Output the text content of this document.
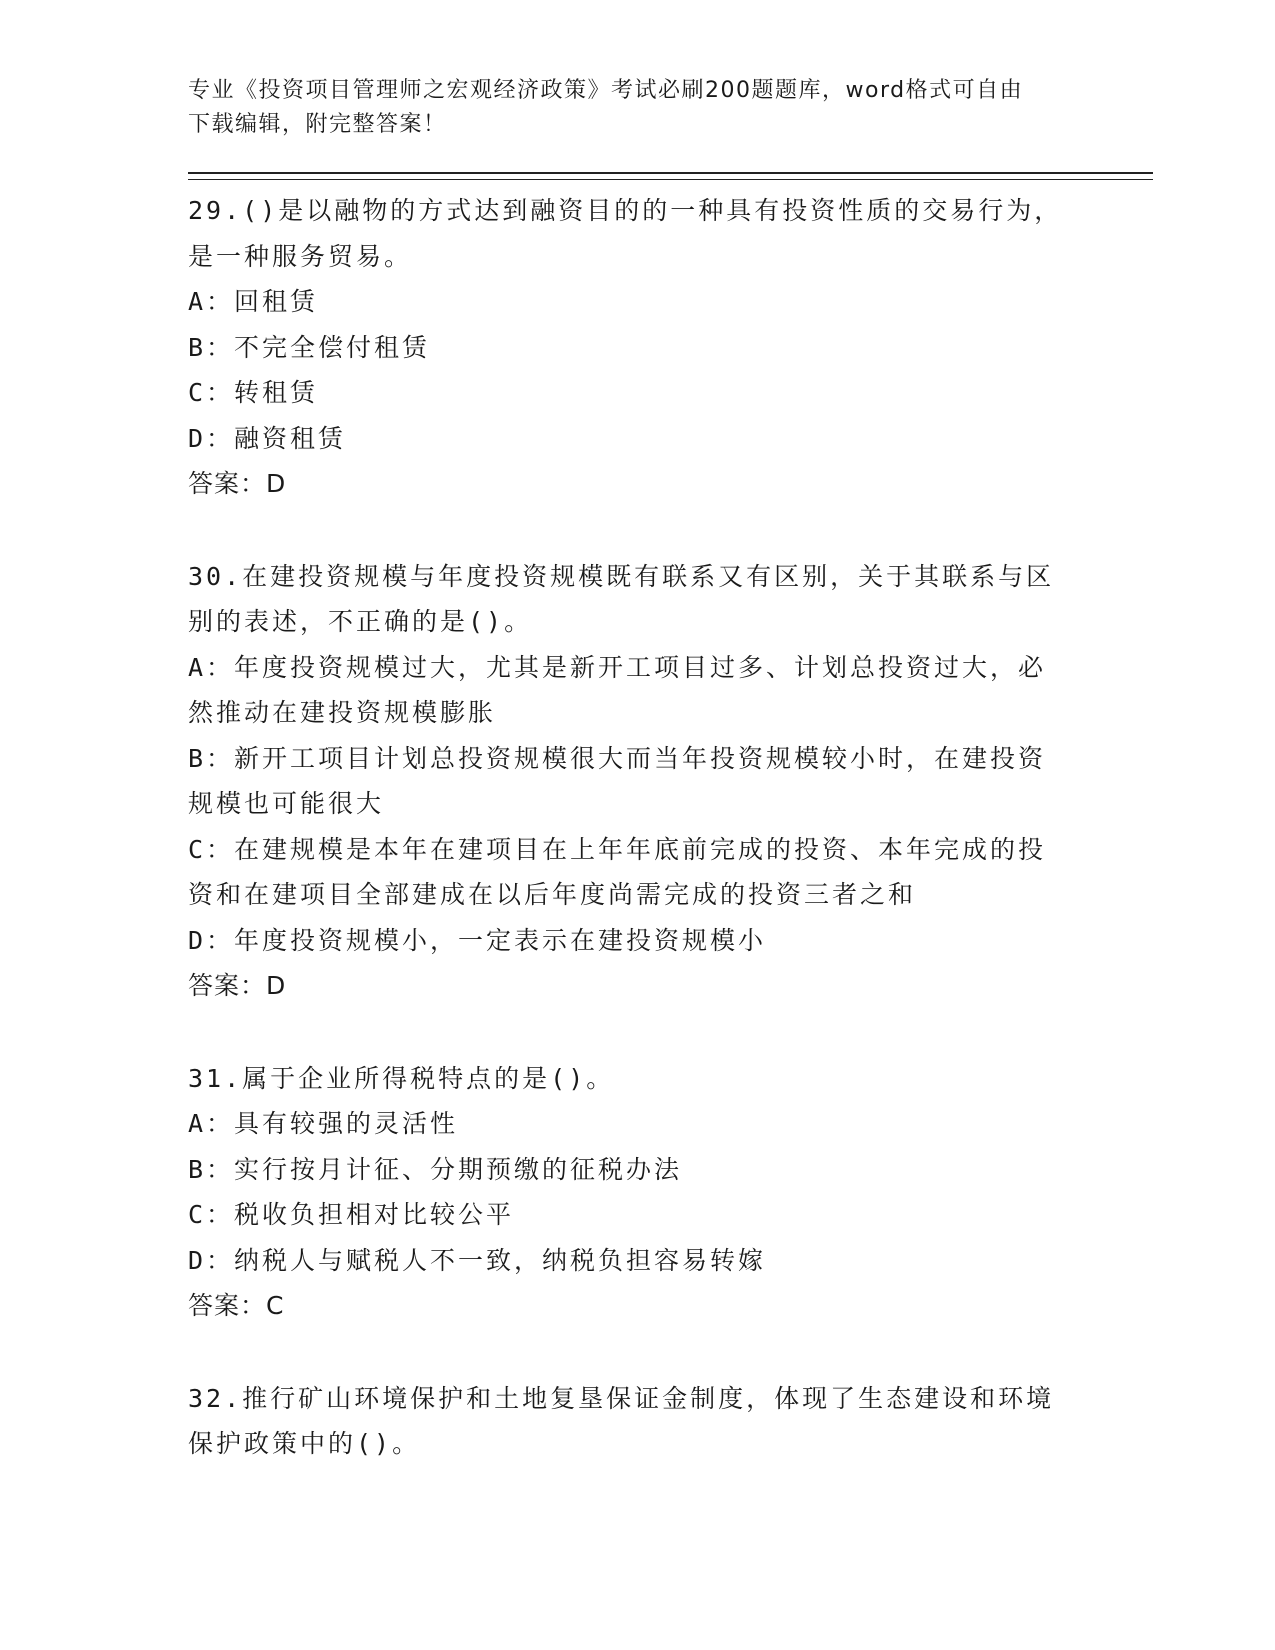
专业《投资项目管理师之宏观经济政策》考试必刷200题题库，word格式可自由
下载编辑，附完整答案！
29.()是以融物的方式达到融资目的的一种具有投资性质的交易行为，
是一种服务贸易。
A：回租赁
B：不完全偿付租赁
C：转租赁
D：融资租赁
答案：D
30.在建投资规模与年度投资规模既有联系又有区别，关于其联系与区
别的表述，不正确的是()。
A：年度投资规模过大，尤其是新开工项目过多、计划总投资过大，必
然推动在建投资规模膨胀
B：新开工项目计划总投资规模很大而当年投资规模较小时，在建投资
规模也可能很大
C：在建规模是本年在建项目在上年年底前完成的投资、本年完成的投
资和在建项目全部建成在以后年度尚需完成的投资三者之和
D：年度投资规模小，一定表示在建投资规模小
答案：D
31.属于企业所得税特点的是()。
A：具有较强的灵活性
B：实行按月计征、分期预缴的征税办法
C：税收负担相对比较公平
D：纳税人与赋税人不一致，纳税负担容易转嫁
答案：C
32.推行矿山环境保护和土地复垦保证金制度，体现了生态建设和环境
保护政策中的()。
